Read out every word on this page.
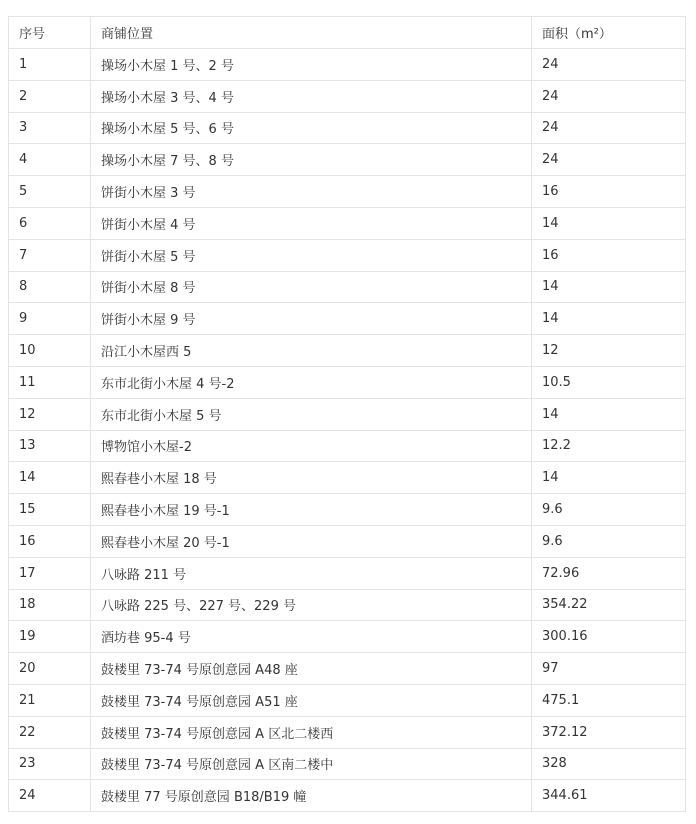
序号	商铺位置	面积（m²）
1	操场小木屋 1 号、2 号	24
2	操场小木屋 3 号、4 号	24
3	操场小木屋 5 号、6 号	24
4	操场小木屋 7 号、8 号	24
5	饼街小木屋 3 号	16
6	饼街小木屋 4 号	14
7	饼街小木屋 5 号	16
8	饼街小木屋 8 号	14
9	饼街小木屋 9 号	14
10	沿江小木屋西 5	12
11	东市北街小木屋 4 号-2	10.5
12	东市北街小木屋 5 号	14
13	博物馆小木屋-2	12.2
14	熙春巷小木屋 18 号	14
15	熙春巷小木屋 19 号-1	9.6
16	熙春巷小木屋 20 号-1	9.6
17	八咏路 211 号	72.96
18	八咏路 225 号、227 号、229 号	354.22
19	酒坊巷 95-4 号	300.16
20	鼓楼里 73-74 号原创意园 A48 座	97
21	鼓楼里 73-74 号原创意园 A51 座	475.1
22	鼓楼里 73-74 号原创意园 A 区北二楼西	372.12
23	鼓楼里 73-74 号原创意园 A 区南二楼中	328
24	鼓楼里 77 号原创意园 B18/B19 幢	344.61
